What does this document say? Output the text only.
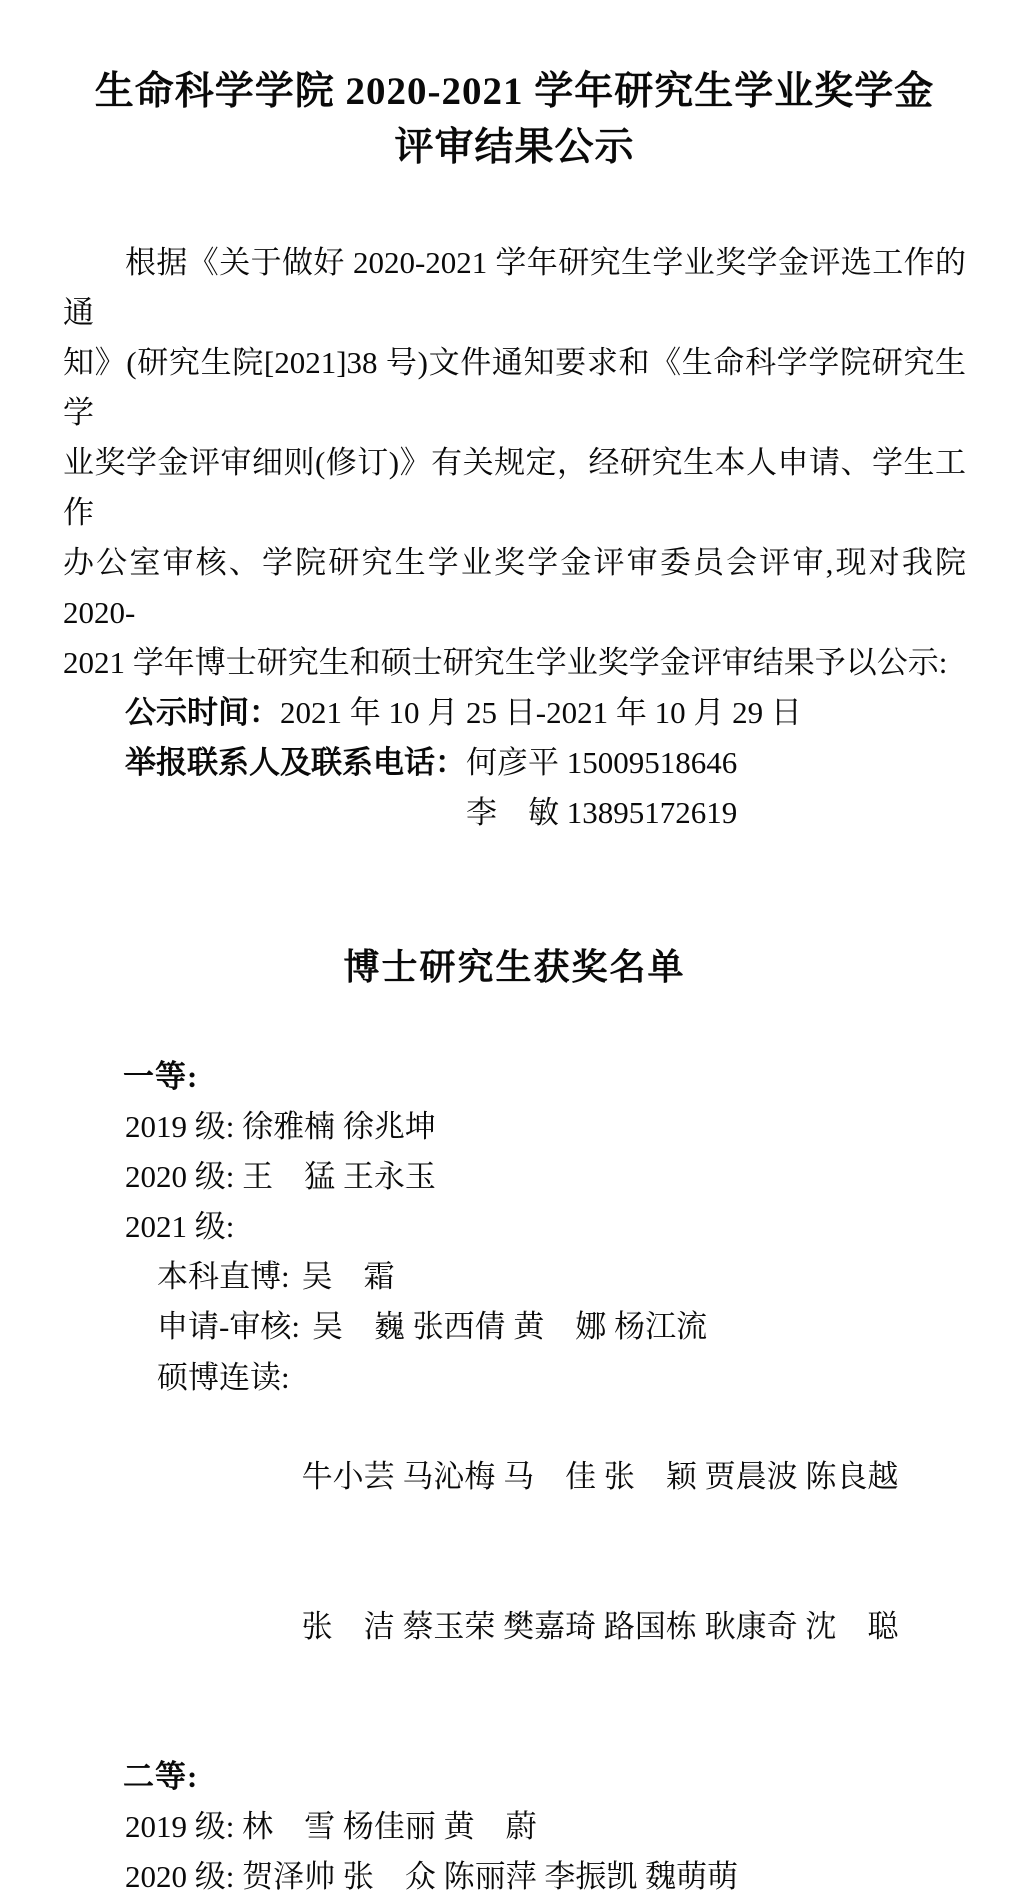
生命科学学院 2020-2021 学年研究生学业奖学金
评审结果公示
根据《关于做好 2020-2021 学年研究生学业奖学金评选工作的通
知》(研究生院[2021]38 号)文件通知要求和《生命科学学院研究生学
业奖学金评审细则(修订)》有关规定，经研究生本人申请、学生工作
办公室审核、学院研究生学业奖学金评审委员会评审,现对我院 2020-
2021 学年博士研究生和硕士研究生学业奖学金评审结果予以公示:
公示时间：2021 年 10 月 25 日-2021 年 10 月 29 日
举报联系人及联系电话： 何彦平 15009518646
李　敏 13895172619
博士研究生获奖名单
一等:
2019 级: 徐雅楠 徐兆坤
2020 级: 王　猛 王永玉
2021 级:
本科直博: 吴　霜
申请-审核: 吴　巍 张西倩 黄　娜 杨江流
硕博连读:

牛小芸 马沁梅 马　佳 张　颖 贾晨波 陈良越

张　洁 蔡玉荣 樊嘉琦 路国栋 耿康奇 沈　聪

二等:
2019 级: 林　雪 杨佳丽 黄　蔚
2020 级: 贺泽帅 张　众 陈丽萍 李振凯 魏萌萌
